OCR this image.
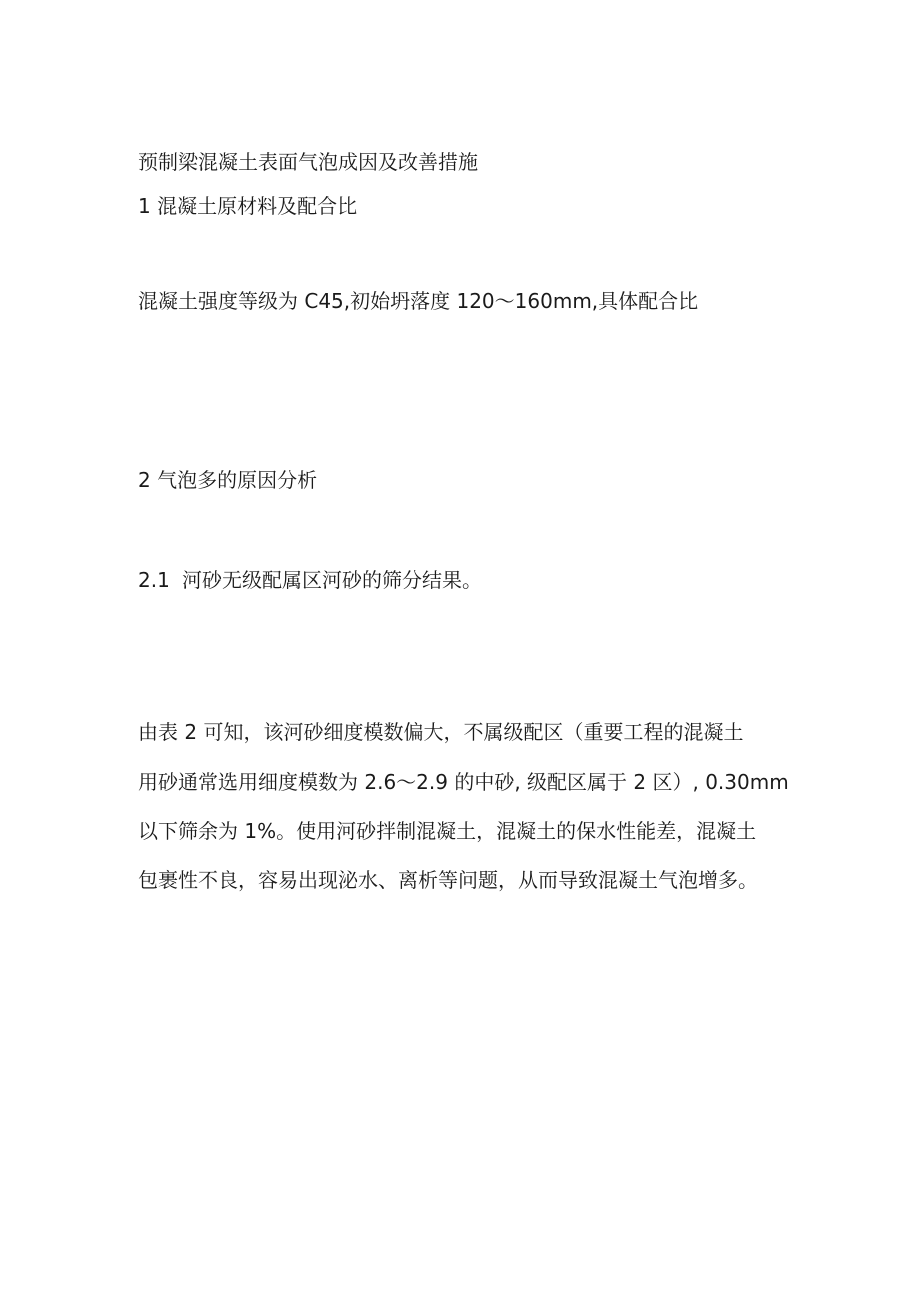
预制梁混凝土表面气泡成因及改善措施
1 混凝土原材料及配合比
混凝土强度等级为 C45,初始坍落度 120～160mm,具体配合比
2 气泡多的原因分析
2.1 河砂无级配属区河砂的筛分结果。
由表 2 可知，该河砂细度模数偏大，不属级配区（重要工程的混凝土
用砂通常选用细度模数为 2.6～2.9 的中砂, 级配区属于 2 区）, 0.30mm
以下筛余为 1%。使用河砂拌制混凝土，混凝土的保水性能差，混凝土
包裹性不良，容易出现泌水、离析等问题，从而导致混凝土气泡增多。
